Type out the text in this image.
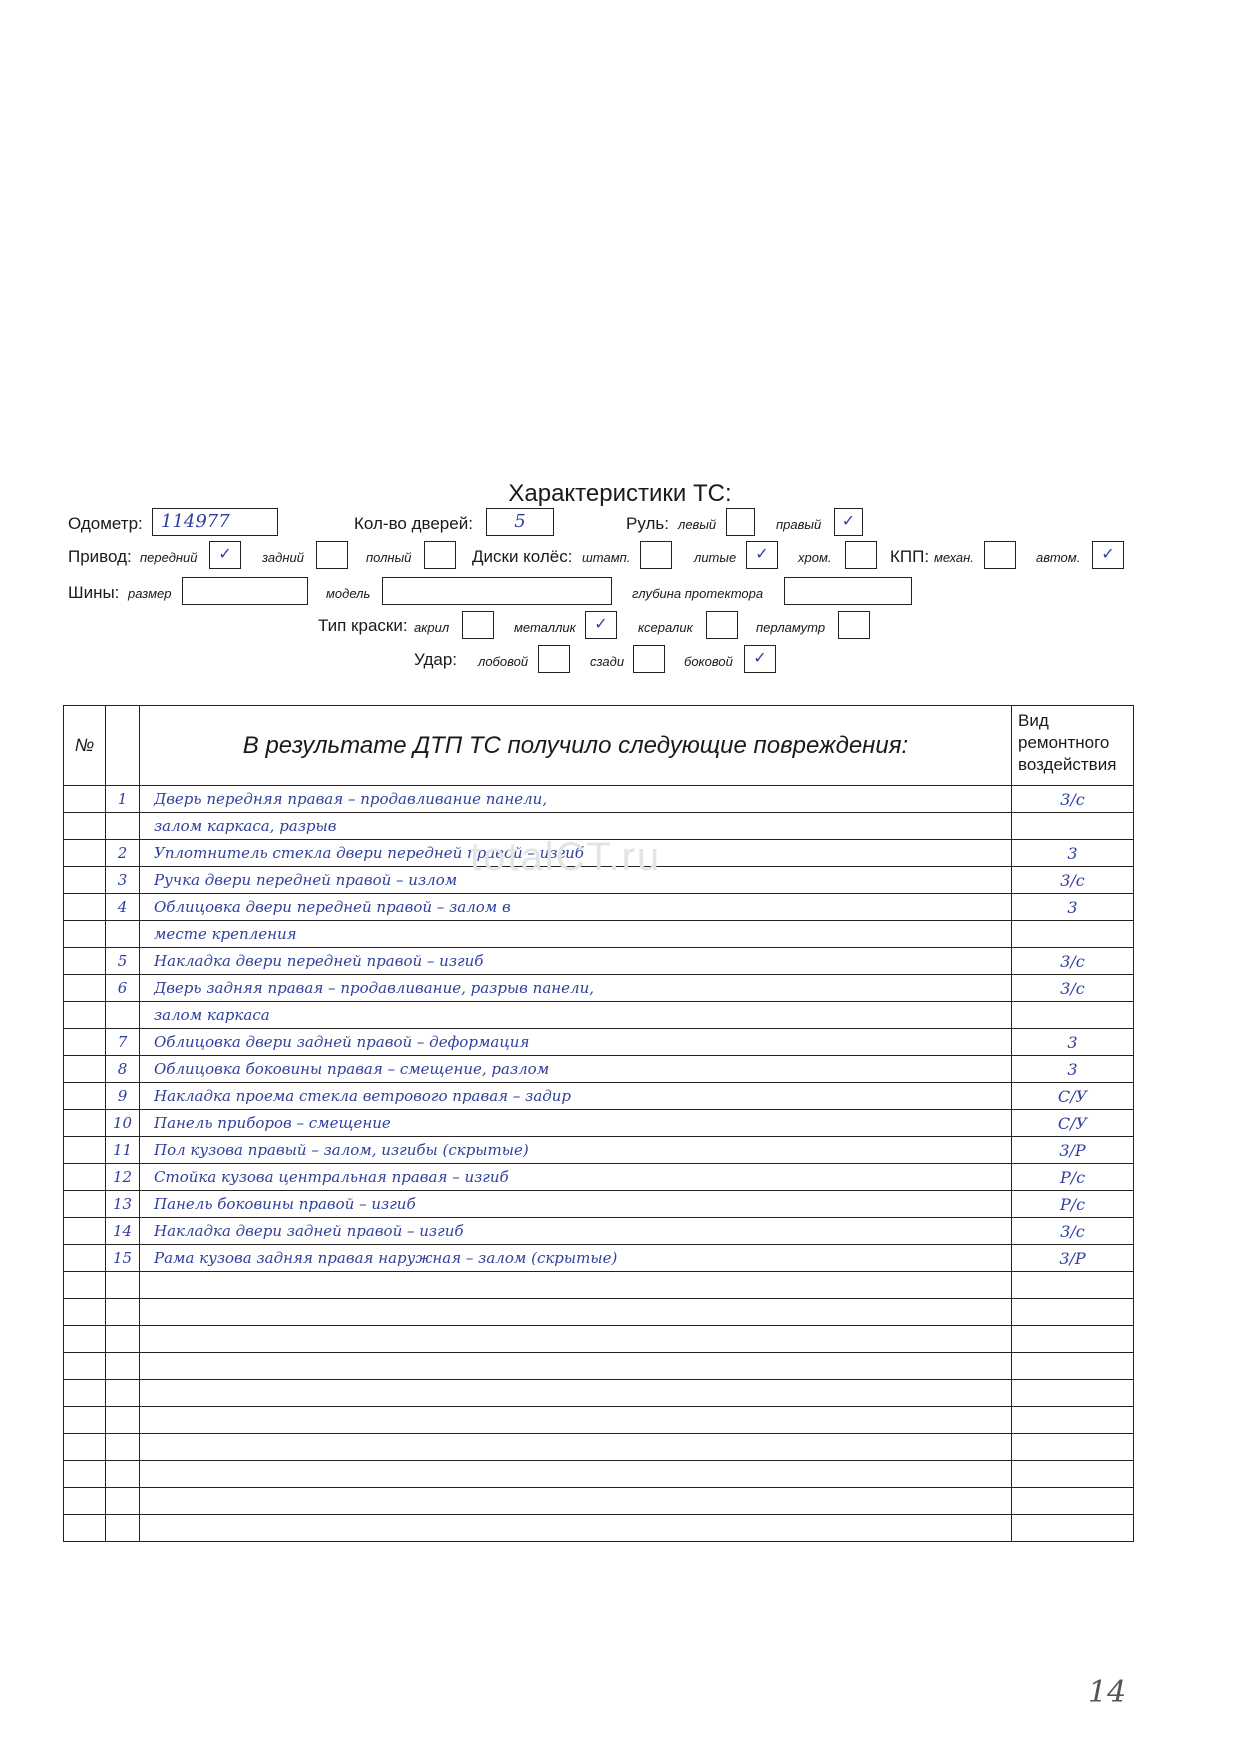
Характеристики ТС:
Одометр:	114977	Кол-во дверей:	5	Руль: левый	правый	✓
Привод: передний	✓	задний	полный	Диски колёс: штамп.	литые	✓	хром.	КПП: механ.	автом.	✓
Шины: размер	модель	глубина протектора
Тип краски: акрил	металлик	✓	ксералик	перламутр
Удар: лобовой	сзади	боковой	✓
№		В результате ДТП ТС получило следующие повреждения:	Вид
ремонтного
воздействия

	1	Дверь передняя правая – продавливание панели,	3/c
		залом каркаса, разрыв	
	2	Уплотнитель стекла двери передней правой – изгиб	3
	3	Ручка двери передней правой – излом	3/c
	4	Облицовка двери передней правой – залом в	3
		месте крепления	
	5	Накладка двери передней правой – изгиб	3/c
	6	Дверь задняя правая – продавливание, разрыв панели,	3/c
		залом каркаса	
	7	Облицовка двери задней правой – деформация	3
	8	Облицовка боковины правая – смещение, разлом	3
	9	Накладка проема стекла ветрового правая – задир	С/У
	10	Панель приборов – смещение	С/У
	11	Пол кузова правый – залом, изгибы (скрытые)	3/P
	12	Стойка кузова центральная правая – изгиб	P/c
	13	Панель боковины правой – изгиб	P/c
	14	Накладка двери задней правой – изгиб	3/c
	15	Рама кузова задняя правая наружная – залом (скрытые)	3/P

totalCT.ru
14
